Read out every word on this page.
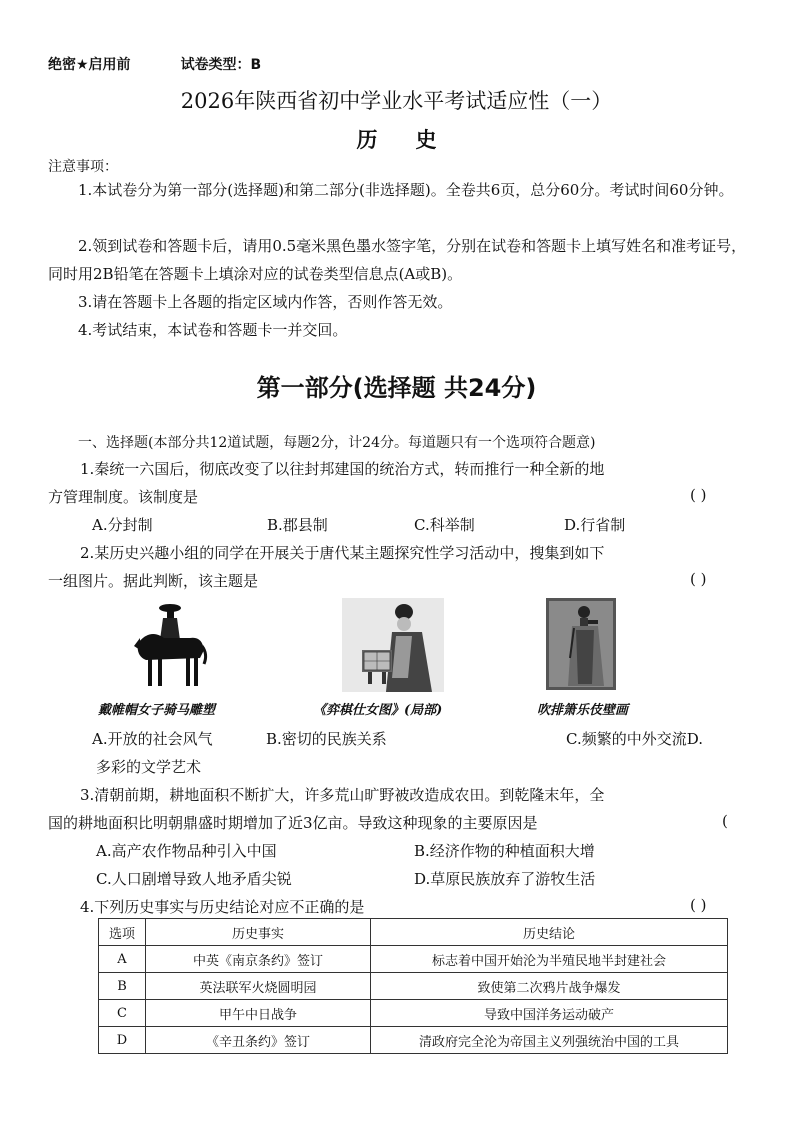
绝密★启用前	试卷类型：B
2026年陕西省初中学业水平考试适应性（一）
历史
注意事项：
1.本试卷分为第一部分(选择题)和第二部分(非选择题)。全卷共6页，总分60分。考试时间60分钟。
2.领到试卷和答题卡后，请用0.5毫米黑色墨水签字笔，分别在试卷和答题卡上填写姓名和准考证号，同时用2B铅笔在答题卡上填涂对应的试卷类型信息点(A或B)。
3.请在答题卡上各题的指定区域内作答，否则作答无效。
4.考试结束，本试卷和答题卡一并交回。
第一部分(选择题 共24分)
一、选择题(本部分共12道试题，每题2分，计24分。每道题只有一个选项符合题意)
1.秦统一六国后，彻底改变了以往封邦建国的统治方式，转而推行一种全新的地
方管理制度。该制度是	( )
A.分封制	B.郡县制	C.科举制	D.行省制
2.某历史兴趣小组的同学在开展关于唐代某主题探究性学习活动中，搜集到如下
一组图片。据此判断，该主题是	( )
戴帷帽女子骑马雕塑	《弈棋仕女图》(局部)	吹排箫乐伎壁画
A.开放的社会风气	B.密切的民族关系	C.频繁的中外交流D.
多彩的文学艺术
3.清朝前期，耕地面积不断扩大，许多荒山旷野被改造成农田。到乾隆末年，全
国的耕地面积比明朝鼎盛时期增加了近3亿亩。导致这种现象的主要原因是	(
A.高产农作物品种引入中国	B.经济作物的种植面积大增
C.人口剧增导致人地矛盾尖锐	D.草原民族放弃了游牧生活
4.下列历史事实与历史结论对应不正确的是	( )
选项	历史事实	历史结论
A	中英《南京条约》签订	标志着中国开始沦为半殖民地半封建社会
B	英法联军火烧圆明园	致使第二次鸦片战争爆发
C	甲午中日战争	导致中国洋务运动破产
D	《辛丑条约》签订	清政府完全沦为帝国主义列强统治中国的工具
